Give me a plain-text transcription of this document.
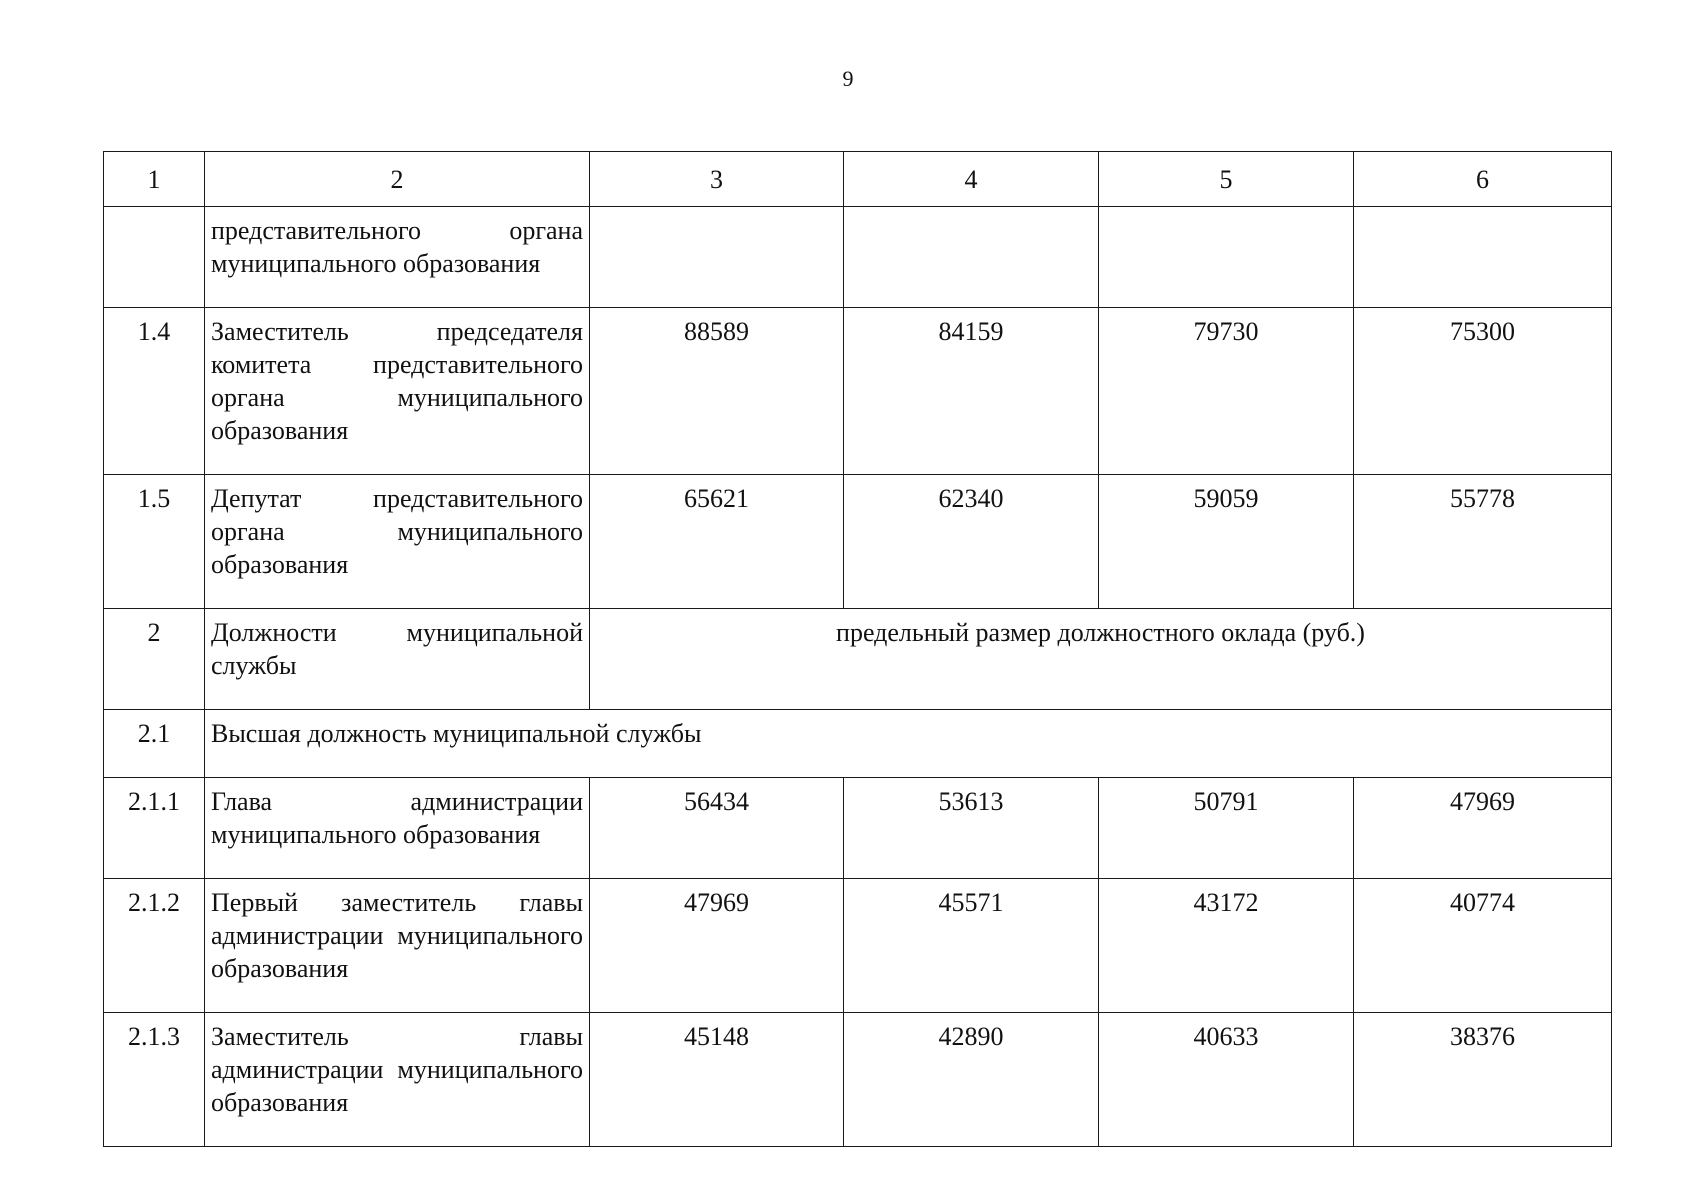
9
1	2	3	4	5	6
	представительного органа муниципального образования				
1.4	Заместитель председателя комитета представительного органа муниципального образования	88589	84159	79730	75300
1.5	Депутат представительного органа муниципального образования	65621	62340	59059	55778
2	Должности муниципальной службы	предельный размер должностного оклада (руб.)			
2.1	Высшая должность муниципальной службы				
2.1.1	Глава администрации муниципального образования	56434	53613	50791	47969
2.1.2	Первый заместитель главы администрации муниципального образования	47969	45571	43172	40774
2.1.3	Заместитель главы администрации муниципального образования	45148	42890	40633	38376
